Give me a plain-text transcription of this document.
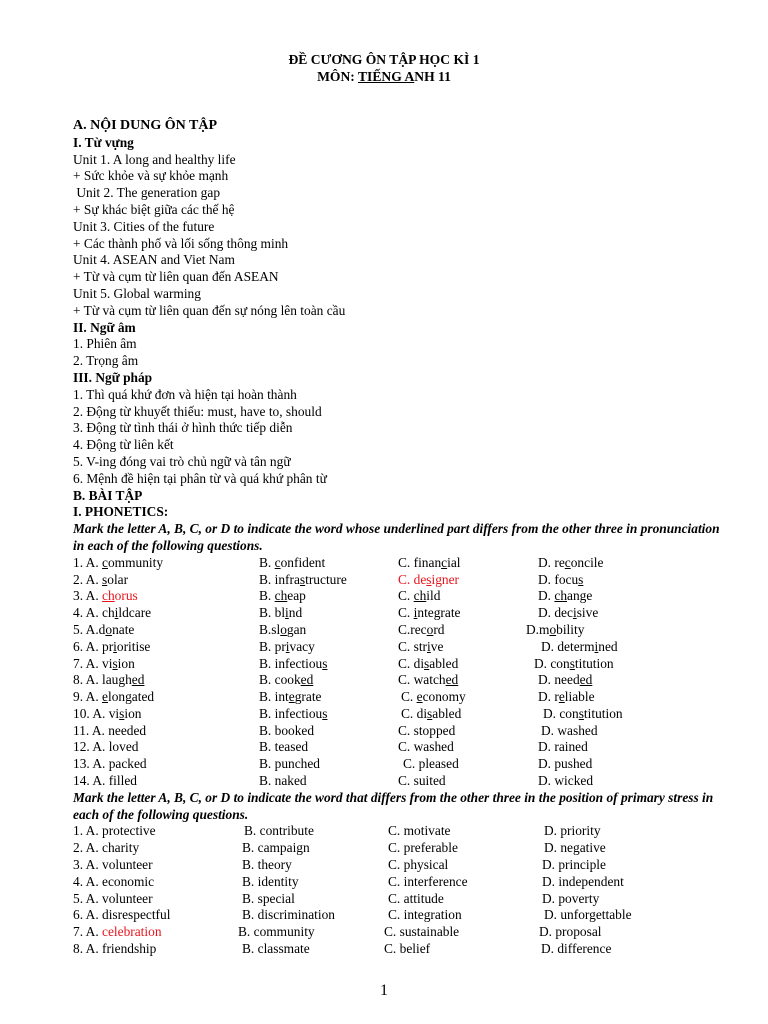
ĐỀ CƯƠNG ÔN TẬP HỌC KÌ 1
MÔN: TIẾNG ANH 11
A. NỘI DUNG ÔN TẬP
I. Từ vựng
Unit 1. A long and healthy life
+ Sức khỏe và sự khỏe mạnh
Unit 2. The generation gap
+ Sự khác biệt giữa các thế hệ
Unit 3. Cities of the future
+ Các thành phố và lối sống thông minh
Unit 4. ASEAN and Viet Nam
+ Từ và cụm từ liên quan đến ASEAN
Unit 5. Global warming
+ Từ và cụm từ liên quan đến sự nóng lên toàn cầu
II. Ngữ âm
1. Phiên âm
2. Trọng âm
III. Ngữ pháp
1. Thì quá khứ đơn và hiện tại hoàn thành
2. Động từ khuyết thiếu: must, have to, should
3. Động từ tình thái ở hình thức tiếp diễn
4. Động từ liên kết
5. V-ing đóng vai trò chủ ngữ và tân ngữ
6. Mệnh đề hiện tại phân từ và quá khứ phân từ
B. BÀI TẬP
I. PHONETICS:
Mark the letter A, B, C, or D to indicate the word whose underlined part differs from the other three in pronunciation in each of the following questions.
1. A. community	B. confident	C. financial	D. reconcile
2. A. solar	B. infrastructure	C. designer	D. focus
3. A. chorus	B. cheap	C. child	D. change
4. A. childcare	B. blind	C. integrate	D. decisive
5. A.donate	B.slogan	C.record	D.mobility
6. A. prioritise	B. privacy	C. strive	D. determined
7. A. vision	B. infectious	C. disabled	D. constitution
8. A. laughed	B. cooked	C. watched	D. needed
9. A. elongated	B. integrate	C. economy	D. reliable
10. A. vision	B. infectious	C. disabled	D. constitution
11. A. needed	B. booked	C. stopped	D. washed
12. A. loved	B. teased	C. washed	D. rained
13. A. packed	B. punched	C. pleased	D. pushed
14. A. filled	B. naked	C. suited	D. wicked
Mark the letter A, B, C, or D to indicate the word that differs from the other three in the position of primary stress in each of the following questions.
1. A. protective	B. contribute	C. motivate	D. priority
2. A. charity	B. campaign	C. preferable	D. negative
3. A. volunteer	B. theory	C. physical	D. principle
4. A. economic	B. identity	C. interference	D. independent
5. A. volunteer	B. special	C. attitude	D. poverty
6. A. disrespectful	B. discrimination	C. integration	D. unforgettable
7. A. celebration	B. community	C. sustainable	D. proposal
8. A. friendship	B. classmate	C. belief	D. difference
1
